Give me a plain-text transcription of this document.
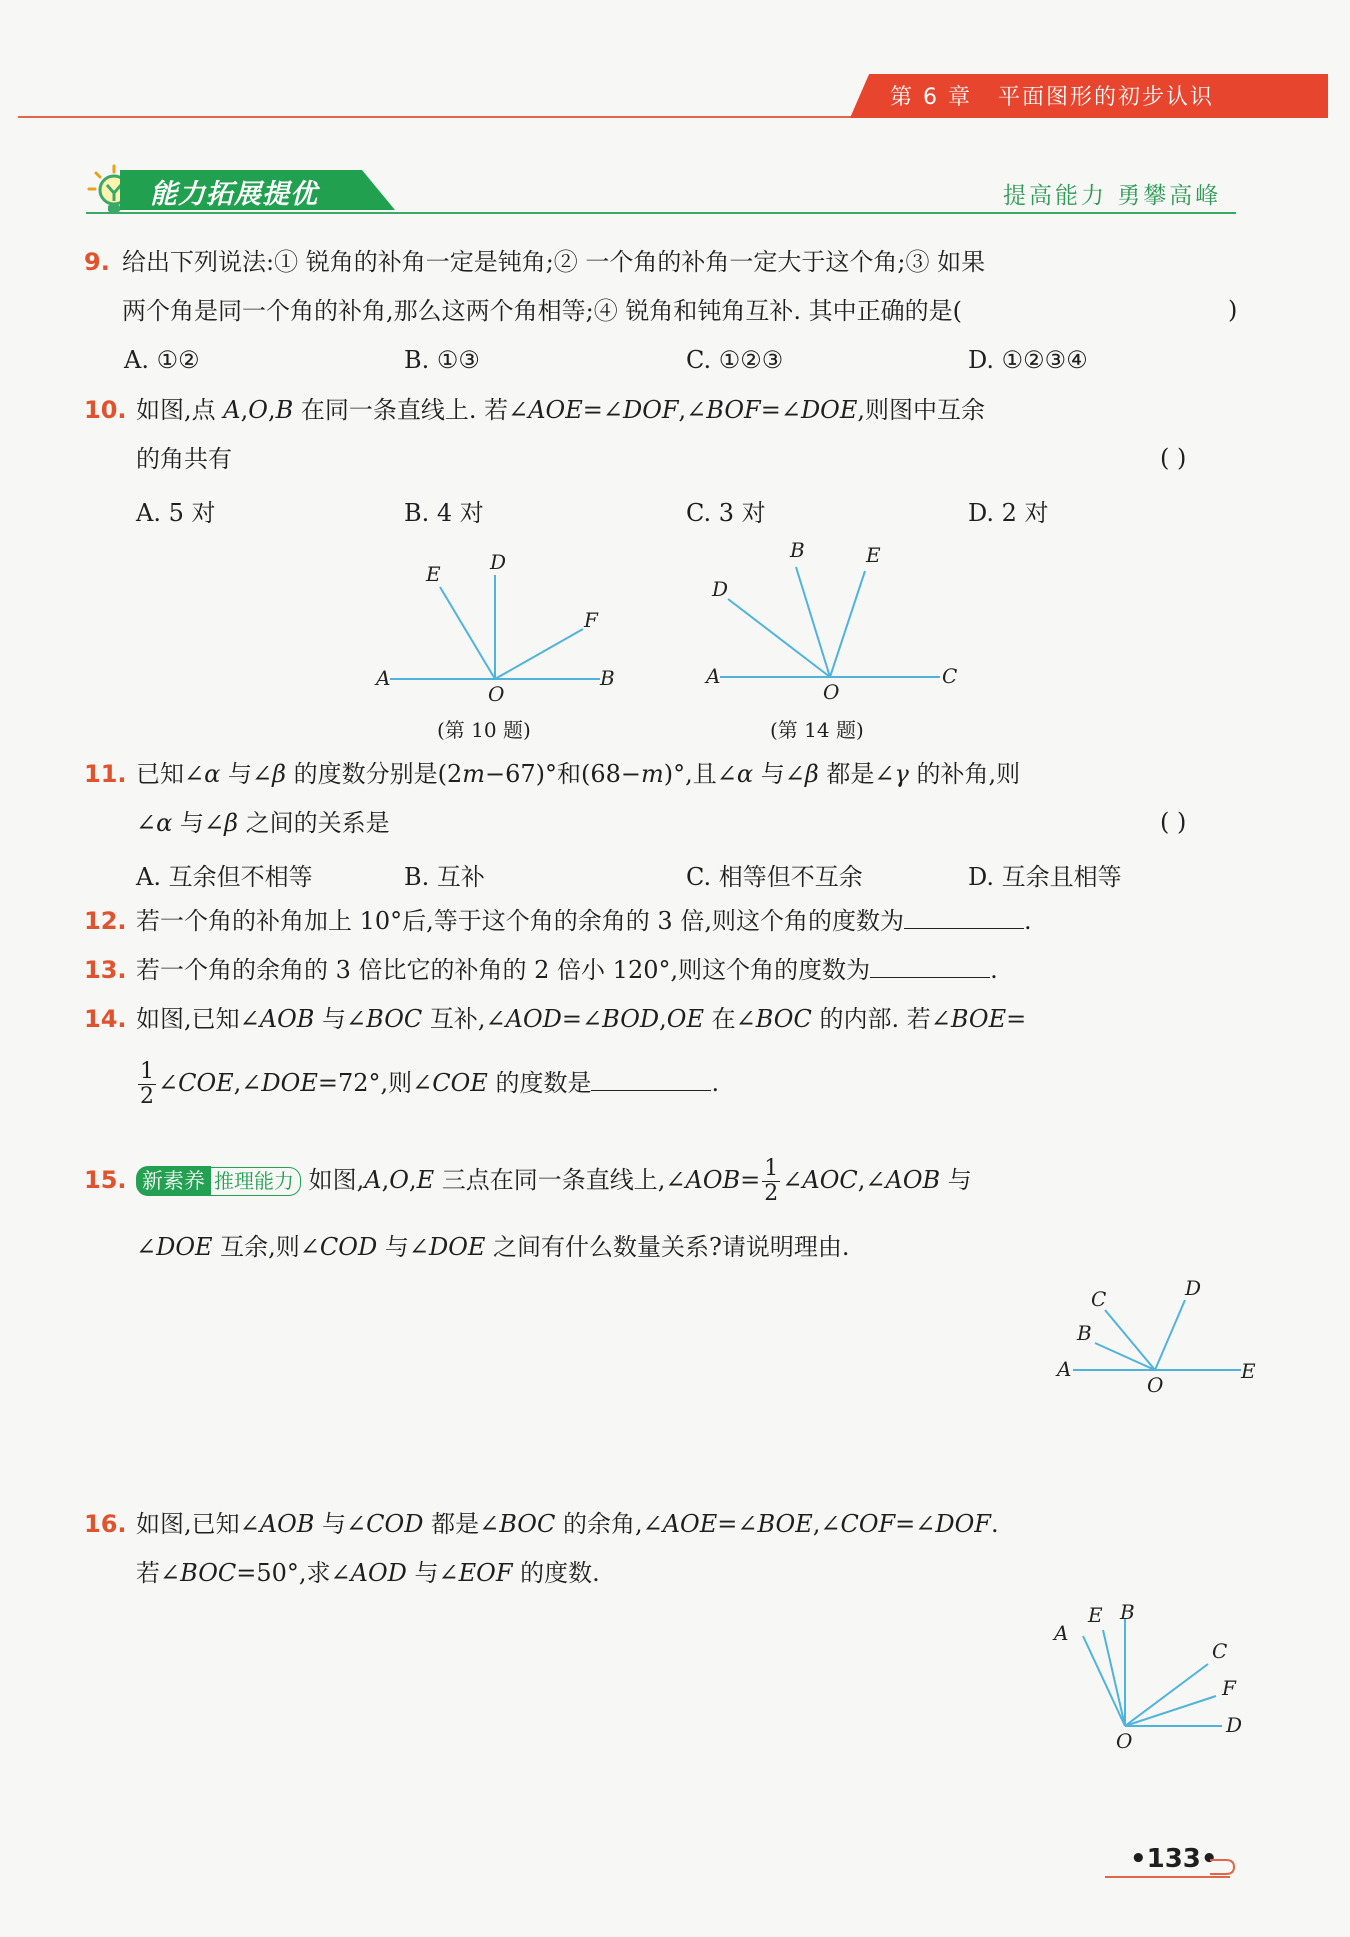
第 6 章 平面图形的初步认识
能力拓展提优	提高能力 勇攀高峰
9. 给出下列说法:① 锐角的补角一定是钝角;② 一个角的补角一定大于这个角;③ 如果
两个角是同一个角的补角,那么这两个角相等;④ 锐角和钝角互补. 其中正确的是(	)
A. ①②	B. ①③	C. ①②③	D. ①②③④
10. 如图,点 A,O,B 在同一条直线上. 若∠AOE=∠DOF,∠BOF=∠DOE,则图中互余
的角共有	( )
A. 5 对	B. 4 对	C. 3 对	D. 2 对
E D
F
A
O
B
(第 10 题)
B	E
D
A
O
C
(第 14 题)
11. 已知∠α 与∠β 的度数分别是(2m−67)°和(68−m)°,且∠α 与∠β 都是∠γ 的补角,则
∠α 与∠β 之间的关系是	( )
A. 互余但不相等	B. 互补	C. 相等但不互余	D. 互余且相等
12. 若一个角的补角加上 10°后,等于这个角的余角的 3 倍,则这个角的度数为	.
13. 若一个角的余角的 3 倍比它的补角的 2 倍小 120°,则这个角的度数为	.
14. 如图,已知∠AOB 与∠BOC 互补,∠AOD=∠BOD,OE 在∠BOC 的内部. 若∠BOE=
$\frac{1}{2}$ ∠COE,∠DOE=72°,则∠COE 的度数是	.
15. 新素养 推理能力 如图,A,O,E 三点在同一条直线上,∠AOB= $\frac{1}{2}$ ∠AOC,∠AOB 与
∠DOE 互余,则∠COD 与∠DOE 之间有什么数量关系?请说明理由.
C	D
B
A
O
E
16. 如图,已知∠AOB 与∠COD 都是∠BOC 的余角,∠AOE=∠BOE,∠COF=∠DOF.
若∠BOC=50°,求∠AOD 与∠EOF 的度数.
E B
A
C
F
D
O
•133•
